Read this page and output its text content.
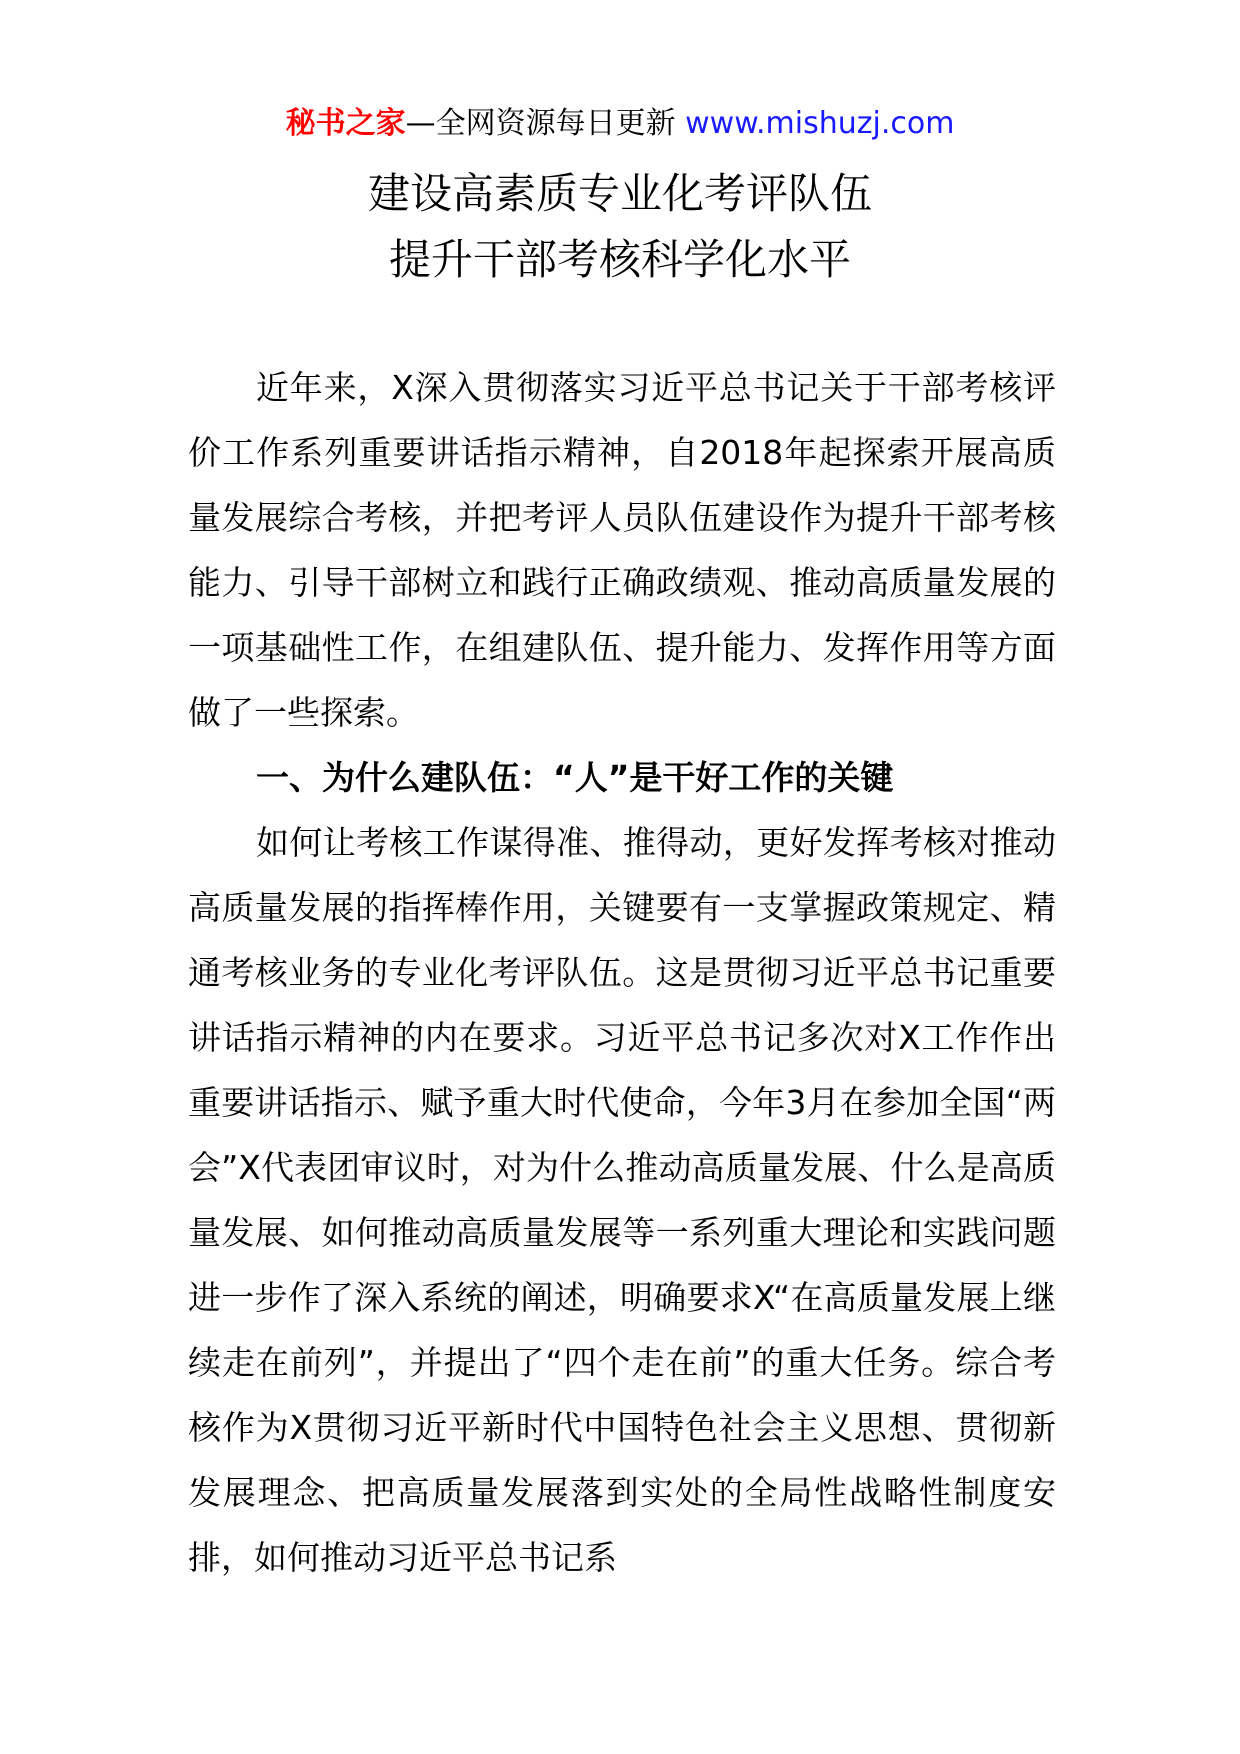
秘书之家—全网资源每日更新 www.mishuzj.com
建设高素质专业化考评队伍
提升干部考核科学化水平

近年来，X深入贯彻落实习近平总书记关于干部考核评价工作系列重要讲话指示精神，自2018年起探索开展高质量发展综合考核，并把考评人员队伍建设作为提升干部考核能力、引导干部树立和践行正确政绩观、推动高质量发展的一项基础性工作，在组建队伍、提升能力、发挥作用等方面做了一些探索。

一、为什么建队伍：“人”是干好工作的关键

如何让考核工作谋得准、推得动，更好发挥考核对推动高质量发展的指挥棒作用，关键要有一支掌握政策规定、精通考核业务的专业化考评队伍。这是贯彻习近平总书记重要讲话指示精神的内在要求。习近平总书记多次对X工作作出重要讲话指示、赋予重大时代使命，今年3月在参加全国“两会”X代表团审议时，对为什么推动高质量发展、什么是高质量发展、如何推动高质量发展等一系列重大理论和实践问题进一步作了深入系统的阐述，明确要求X“在高质量发展上继续走在前列”，并提出了“四个走在前”的重大任务。综合考核作为X贯彻习近平新时代中国特色社会主义思想、贯彻新发展理念、把高质量发展落到实处的全局性战略性制度安排，如何推动习近平总书记系
